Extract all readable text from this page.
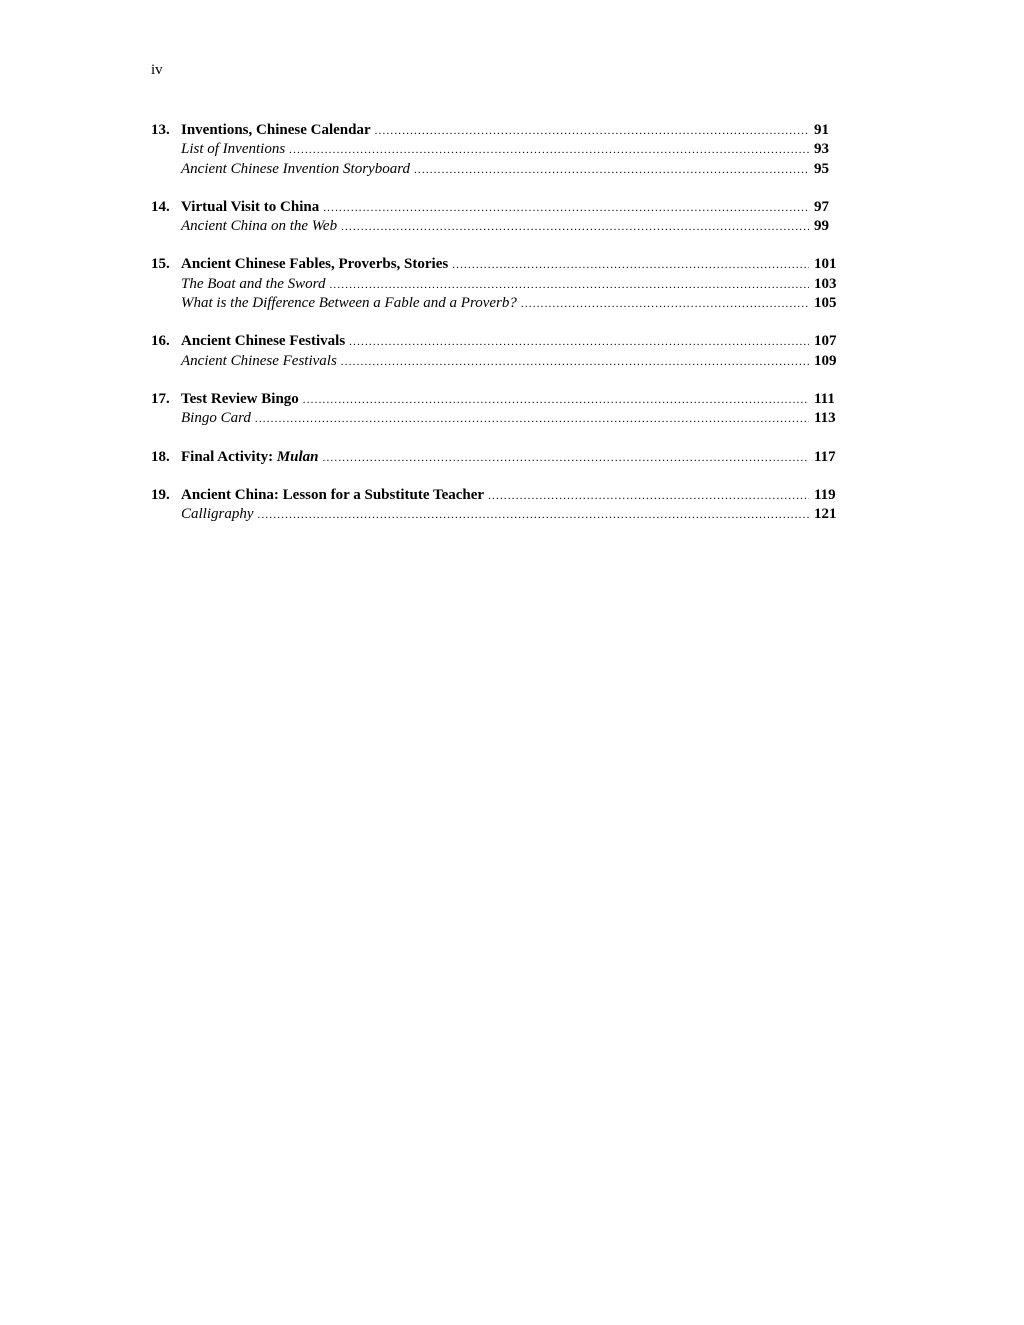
iv
13. Inventions, Chinese Calendar .....	91
List of Inventions .....	93
Ancient Chinese Invention Storyboard .....	95
14. Virtual Visit to China .....	97
Ancient China on the Web .....	99
15. Ancient Chinese Fables, Proverbs, Stories .....	101
The Boat and the Sword .....	103
What is the Difference Between a Fable and a Proverb? .....	105
16. Ancient Chinese Festivals .....	107
Ancient Chinese Festivals .....	109
17. Test Review Bingo .....	111
Bingo Card .....	113
18. Final Activity: Mulan .....	117
19. Ancient China: Lesson for a Substitute Teacher .....	119
Calligraphy .....	121
